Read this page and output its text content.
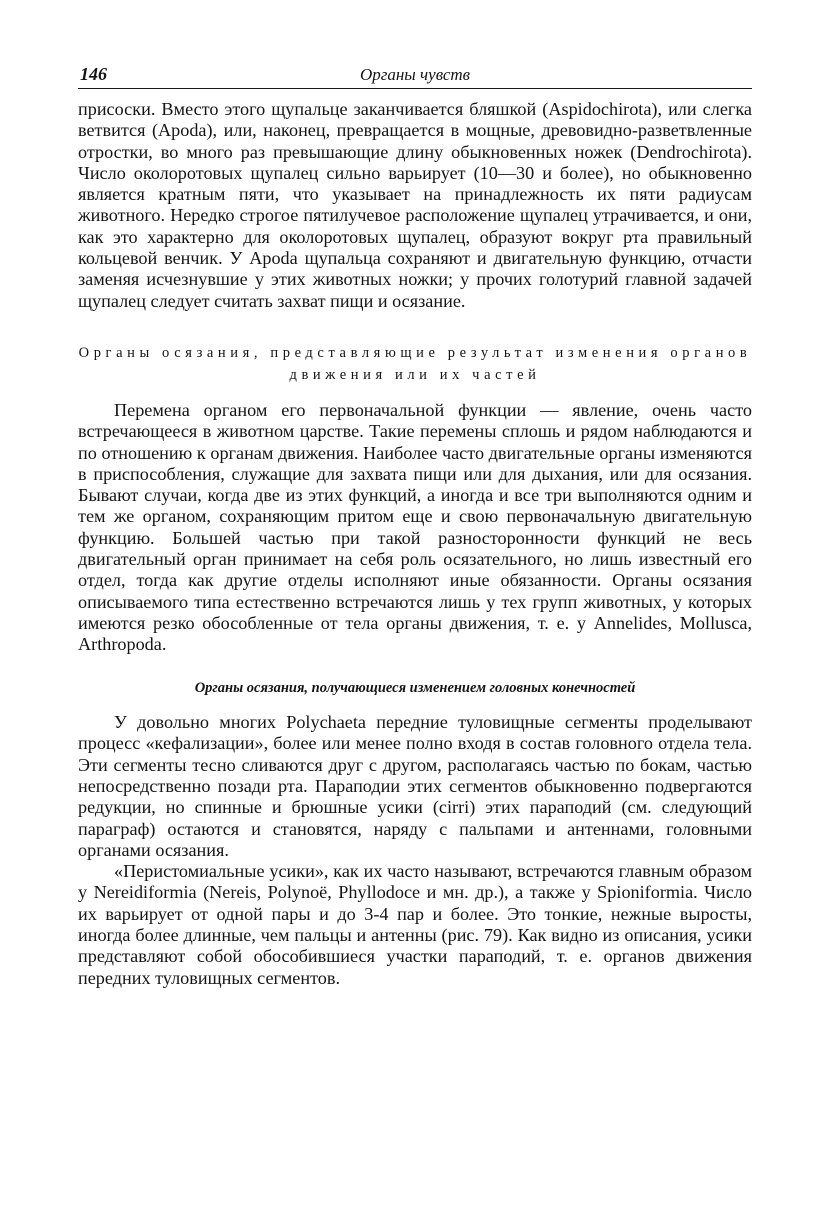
146	Органы чувств

присоски. Вместо этого щупальце заканчивается бляшкой (Aspidochirota), или слегка ветвится (Apoda), или, наконец, превращается в мощные, древовидно-разветвленные отростки, во много раз превышающие длину обыкновенных ножек (Dendrochirota). Число околоротовых щупалец сильно варьирует (10—30 и более), но обыкновенно является кратным пяти, что указывает на принадлежность их пяти радиусам животного. Нередко строгое пятилучевое расположение щупалец утрачивается, и они, как это характерно для околоротовых щупалец, образуют вокруг рта правильный кольцевой венчик. У Apoda щупальца сохраняют и двигательную функцию, отчасти заменяя исчезнувшие у этих животных ножки; у прочих голотурий главной задачей щупалец следует считать захват пищи и осязание.

Органы осязания, представляющие результат изменения органов движения или их частей

Перемена органом его первоначальной функции — явление, очень часто встречающееся в животном царстве. Такие перемены сплошь и рядом наблюдаются и по отношению к органам движения. Наиболее часто двигательные органы изменяются в приспособления, служащие для захвата пищи или для дыхания, или для осязания. Бывают случаи, когда две из этих функций, а иногда и все три выполняются одним и тем же органом, сохраняющим притом еще и свою первоначальную двигательную функцию. Большей частью при такой разносторонности функций не весь двигательный орган принимает на себя роль осязательного, но лишь известный его отдел, тогда как другие отделы исполняют иные обязанности. Органы осязания описываемого типа естественно встречаются лишь у тех групп животных, у которых имеются резко обособленные от тела органы движения, т. е. у Annelides, Mollusca, Arthropoda.

Органы осязания, получающиеся изменением головных конечностей

У довольно многих Polychaeta передние туловищные сегменты проделывают процесс «кефализации», более или менее полно входя в состав головного отдела тела. Эти сегменты тесно сливаются друг с другом, располагаясь частью по бокам, частью непосредственно позади рта. Параподии этих сегментов обыкновенно подвергаются редукции, но спинные и брюшные усики (cirri) этих параподий (см. следующий параграф) остаются и становятся, наряду с пальпами и антеннами, головными органами осязания.

«Перистомиальные усики», как их часто называют, встречаются главным образом у Nereidiformia (Nereis, Polynoë, Phyllodoce и мн. др.), а также у Spioniformia. Число их варьирует от одной пары и до 3-4 пар и более. Это тонкие, нежные выросты, иногда более длинные, чем пальцы и антенны (рис. 79). Как видно из описания, усики представляют собой обособившиеся участки параподий, т. е. органов движения передних туловищных сегментов.
